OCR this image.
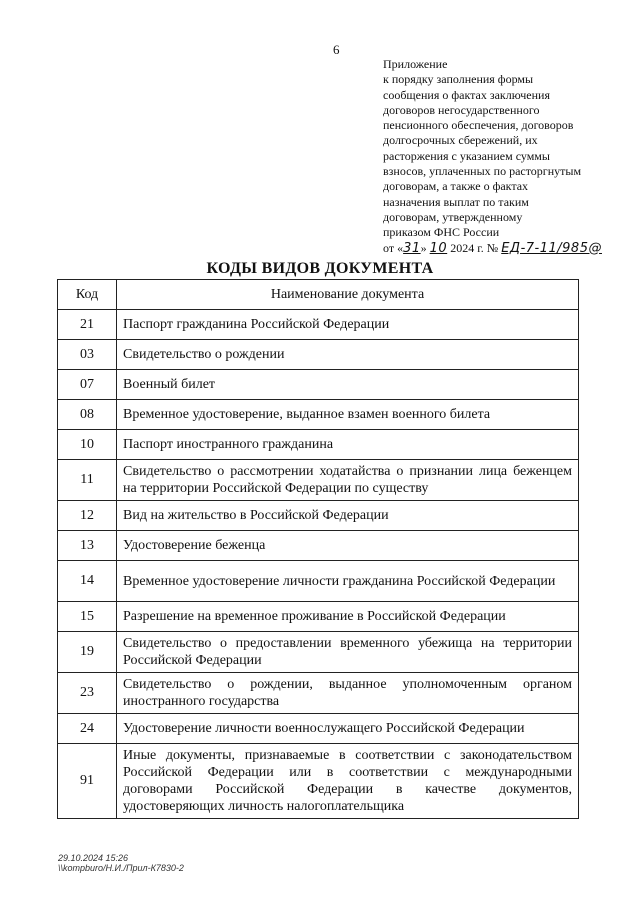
6
Приложение
к порядку заполнения формы
сообщения о фактах заключения
договоров негосударственного
пенсионного обеспечения, договоров
долгосрочных сбережений, их
расторжения с указанием суммы
взносов, уплаченных по расторгнутым
договорам, а также о фактах
назначения выплат по таким
договорам, утвержденному
приказом ФНС России
от «31» 10 2024 г. № ЕД-7-11/985@
КОДЫ ВИДОВ ДОКУМЕНТА
Код	Наименование документа
21	Паспорт гражданина Российской Федерации
03	Свидетельство о рождении
07	Военный билет
08	Временное удостоверение, выданное взамен военного билета
10	Паспорт иностранного гражданина
11	Свидетельство о рассмотрении ходатайства о признании лица беженцем на территории Российской Федерации по существу
12	Вид на жительство в Российской Федерации
13	Удостоверение беженца
14	Временное удостоверение личности гражданина Российской Федерации
15	Разрешение на временное проживание в Российской Федерации
19	Свидетельство о предоставлении временного убежища на территории Российской Федерации
23	Свидетельство о рождении, выданное уполномоченным органом иностранного государства
24	Удостоверение личности военнослужащего Российской Федерации
91	Иные документы, признаваемые в соответствии с законодательством Российской Федерации или в соответствии с международными договорами Российской Федерации в качестве документов, удостоверяющих личность налогоплательщика
29.10.2024 15:26
\\kompburo/Н.И./Прил-К7830-2
